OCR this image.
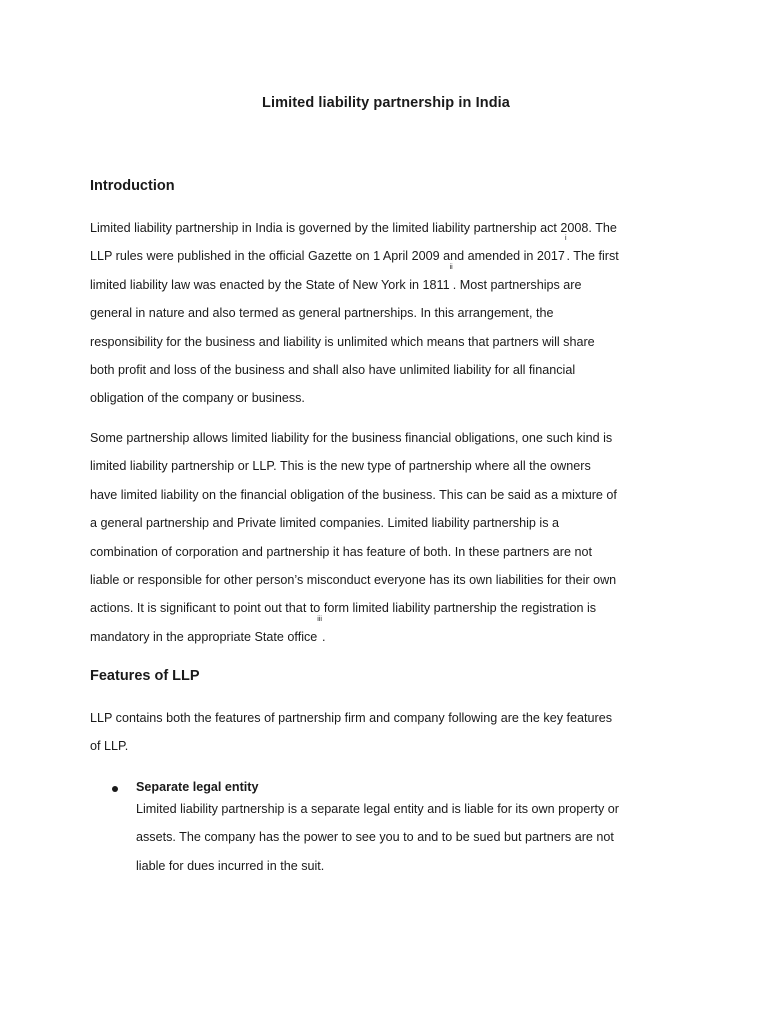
Limited liability partnership in India
Introduction

Limited liability partnership in India is governed by the limited liability partnership act 2008. The
LLP rules were published in the official Gazette on 1 April 2009 and amended in 2017$^i$. The first
limited liability law was enacted by the State of New York in 1811$^{ii}$. Most partnerships are
general in nature and also termed as general partnerships. In this arrangement, the
responsibility for the business and liability is unlimited which means that partners will share
both profit and loss of the business and shall also have unlimited liability for all financial
obligation of the company or business.

Some partnership allows limited liability for the business financial obligations, one such kind is
limited liability partnership or LLP. This is the new type of partnership where all the owners
have limited liability on the financial obligation of the business. This can be said as a mixture of
a general partnership and Private limited companies. Limited liability partnership is a
combination of corporation and partnership it has feature of both. In these partners are not
liable or responsible for other person’s misconduct everyone has its own liabilities for their own
actions. It is significant to point out that to form limited liability partnership the registration is
mandatory in the appropriate State office$^{iii}$.

Features of LLP

LLP contains both the features of partnership firm and company following are the key features
of LLP.

Separate legal entity
Limited liability partnership is a separate legal entity and is liable for its own property or
assets. The company has the power to see you to and to be sued but partners are not
liable for dues incurred in the suit.
